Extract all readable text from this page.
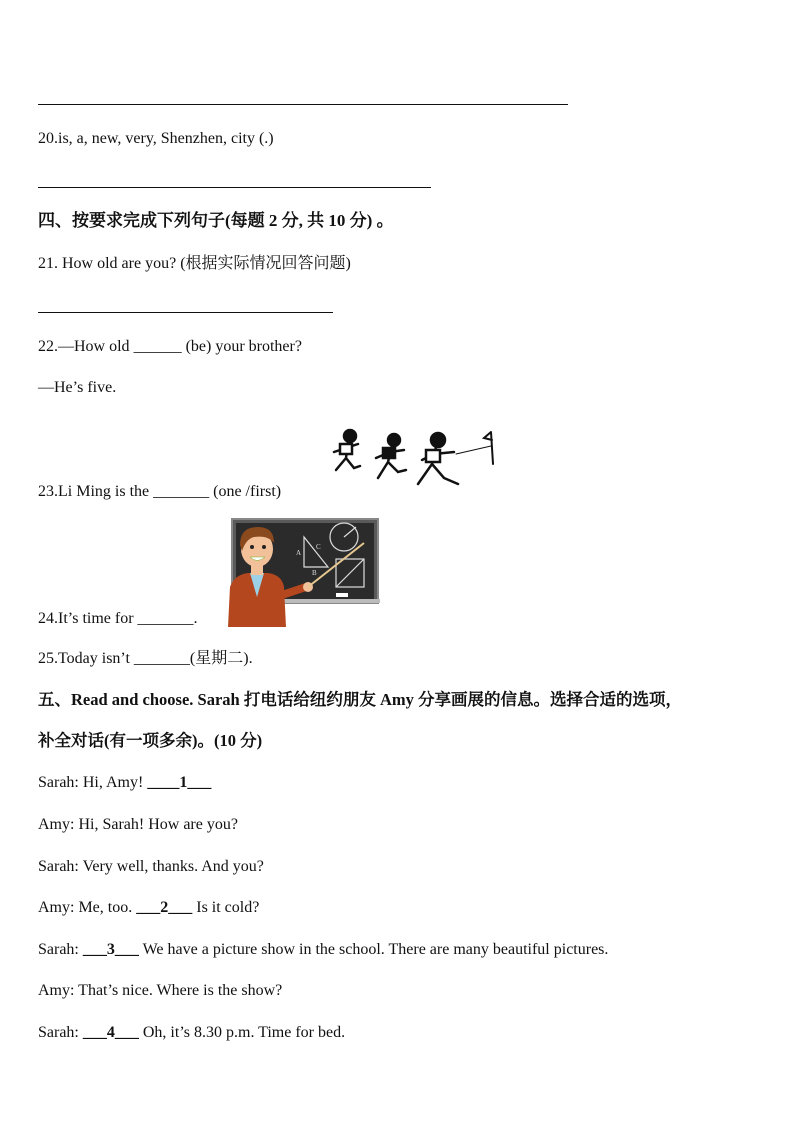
20.is, a, new, very, Shenzhen, city (.)
四、按要求完成下列句子(每题 2 分, 共 10 分) 。
21. How old are you? (根据实际情况回答问题)
22.—How old ______ (be) your brother?
—He’s five.
23.Li Ming is the _______ (one /first)
A
C
B
24.It’s time for _______.
25.Today isn’t _______(星期二).
五、Read and choose. Sarah 打电话给纽约朋友 Amy 分享画展的信息。选择合适的选项，
补全对话(有一项多余)。(10 分)
Sarah: Hi, Amy! ____1___
Amy: Hi, Sarah! How are you?
Sarah: Very well, thanks. And you?
Amy: Me, too. ___2___ Is it cold?
Sarah: ___3___ We have a picture show in the school. There are many beautiful pictures.
Amy: That’s nice. Where is the show?
Sarah: ___4___ Oh, it’s 8.30 p.m. Time for bed.
